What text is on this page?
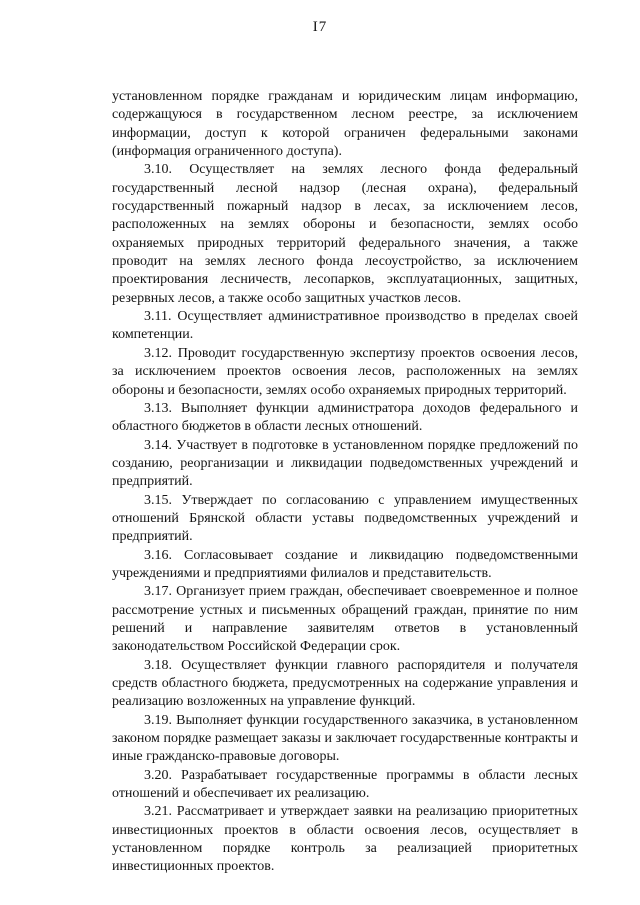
I7

установленном порядке гражданам и юридическим лицам информацию, содержащуюся в государственном лесном реестре, за исключением информации, доступ к которой ограничен федеральными законами (информация ограниченного доступа).

3.10. Осуществляет на землях лесного фонда федеральный государственный лесной надзор (лесная охрана), федеральный государственный пожарный надзор в лесах, за исключением лесов, расположенных на землях обороны и безопасности, землях особо охраняемых природных территорий федерального значения, а также проводит на землях лесного фонда лесоустройство, за исключением проектирования лесничеств, лесопарков, эксплуатационных, защитных, резервных лесов, а также особо защитных участков лесов.

3.11. Осуществляет административное производство в пределах своей компетенции.

3.12. Проводит государственную экспертизу проектов освоения лесов, за исключением проектов освоения лесов, расположенных на землях обороны и безопасности, землях особо охраняемых природных территорий.

3.13. Выполняет функции администратора доходов федерального и областного бюджетов в области лесных отношений.

3.14. Участвует в подготовке в установленном порядке предложений по созданию, реорганизации и ликвидации подведомственных учреждений и предприятий.

3.15. Утверждает по согласованию с управлением имущественных отношений Брянской области уставы подведомственных учреждений и предприятий.

3.16. Согласовывает создание и ликвидацию подведомственными учреждениями и предприятиями филиалов и представительств.

3.17. Организует прием граждан, обеспечивает своевременное и полное рассмотрение устных и письменных обращений граждан, принятие по ним решений и направление заявителям ответов в установленный законодательством Российской Федерации срок.

3.18. Осуществляет функции главного распорядителя и получателя средств областного бюджета, предусмотренных на содержание управления и реализацию возложенных на управление функций.

3.19. Выполняет функции государственного заказчика, в установленном законом порядке размещает заказы и заключает государственные контракты и иные гражданско-правовые договоры.

3.20. Разрабатывает государственные программы в области лесных отношений и обеспечивает их реализацию.

3.21. Рассматривает и утверждает заявки на реализацию приоритетных инвестиционных проектов в области освоения лесов, осуществляет в установленном порядке контроль за реализацией приоритетных инвестиционных проектов.
